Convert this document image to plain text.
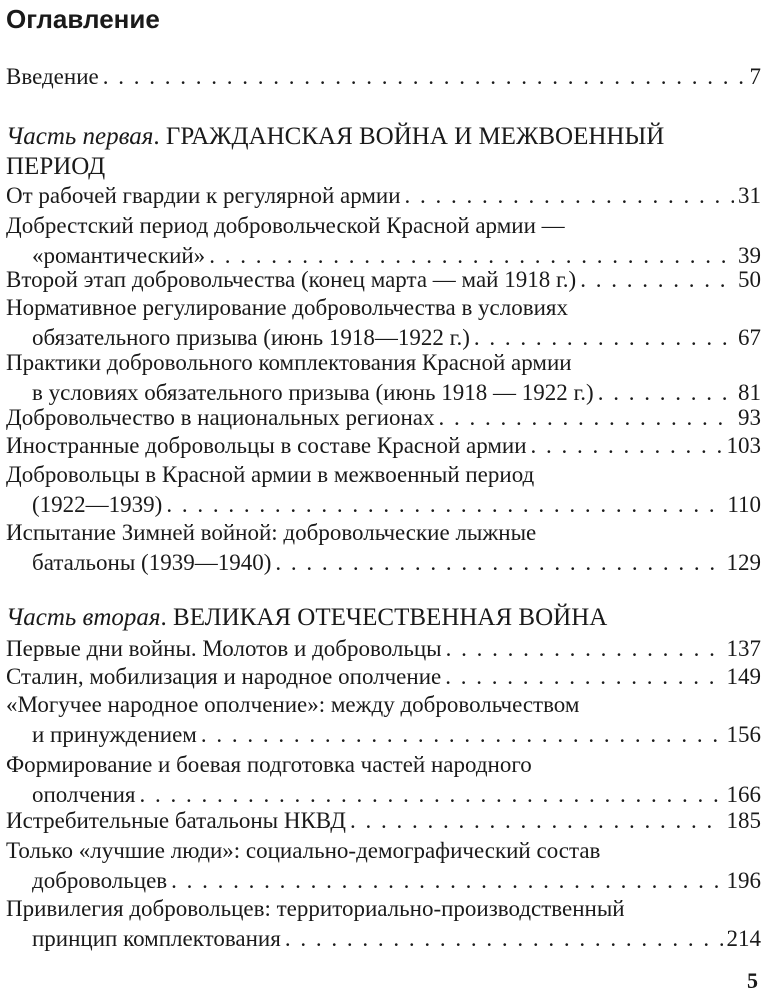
Оглавление
Введение . . .	7
Часть первая. ГРАЖДАНСКАЯ ВОЙНА И МЕЖВОЕННЫЙ
ПЕРИОД
От рабочей гвардии к регулярной армии . . .	31
Добрестский период добровольческой Красной армии —
«романтический» . . .	39
Второй этап добровольчества (конец марта — май 1918 г.) . . .	50
Нормативное регулирование добровольчества в условиях
обязательного призыва (июнь 1918—1922 г.) . . .	67
Практики добровольного комплектования Красной армии
в условиях обязательного призыва (июнь 1918 — 1922 г.) . . .	81
Добровольчество в национальных регионах . . .	93
Иностранные добровольцы в составе Красной армии . . .	103
Добровольцы в Красной армии в межвоенный период
(1922—1939) . . .	110
Испытание Зимней войной: добровольческие лыжные
батальоны (1939—1940) . . .	129
Часть вторая. ВЕЛИКАЯ ОТЕЧЕСТВЕННАЯ ВОЙНА
Первые дни войны. Молотов и добровольцы . . .	137
Сталин, мобилизация и народное ополчение . . .	149
«Могучее народное ополчение»: между добровольчеством
и принуждением . . .	156
Формирование и боевая подготовка частей народного
ополчения . . .	166
Истребительные батальоны НКВД . . .	185
Только «лучшие люди»: социально-демографический состав
добровольцев . . .	196
Привилегия добровольцев: территориально-производственный
принцип комплектования . . .	214
5
